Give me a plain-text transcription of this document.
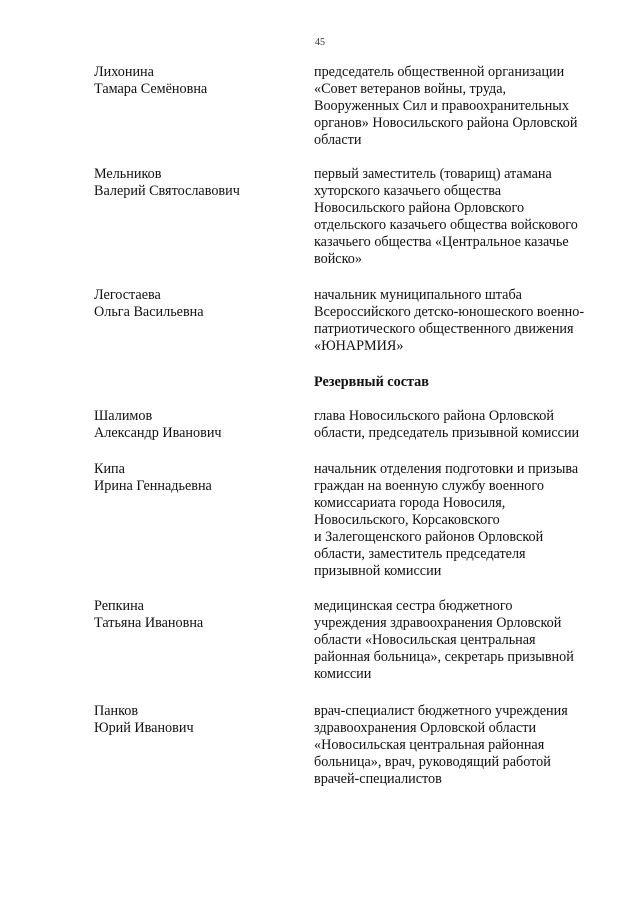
45
Лихонина
Тамара Семёновна
председатель общественной организации
«Совет ветеранов войны, труда,
Вооруженных Сил и правоохранительных
органов» Новосильского района Орловской
области
Мельников
Валерий Святославович
первый заместитель (товарищ) атамана
хуторского казачьего общества
Новосильского района Орловского
отдельского казачьего общества войскового
казачьего общества «Центральное казачье
войско»
Легостаева
Ольга Васильевна
начальник муниципального штаба
Всероссийского детско-юношеского военно-
патриотического общественного движения
«ЮНАРМИЯ»
Резервный состав
Шалимов
Александр Иванович
глава Новосильского района Орловской
области, председатель призывной комиссии
Кипа
Ирина Геннадьевна
начальник отделения подготовки и призыва
граждан на военную службу военного
комиссариата города Новосиля,
Новосильского, Корсаковского
и Залегощенского районов Орловской
области, заместитель председателя
призывной комиссии
Репкина
Татьяна Ивановна
медицинская сестра бюджетного
учреждения здравоохранения Орловской
области «Новосильская центральная
районная больница», секретарь призывной
комиссии
Панков
Юрий Иванович
врач-специалист бюджетного учреждения
здравоохранения Орловской области
«Новосильская центральная районная
больница», врач, руководящий работой
врачей-специалистов
